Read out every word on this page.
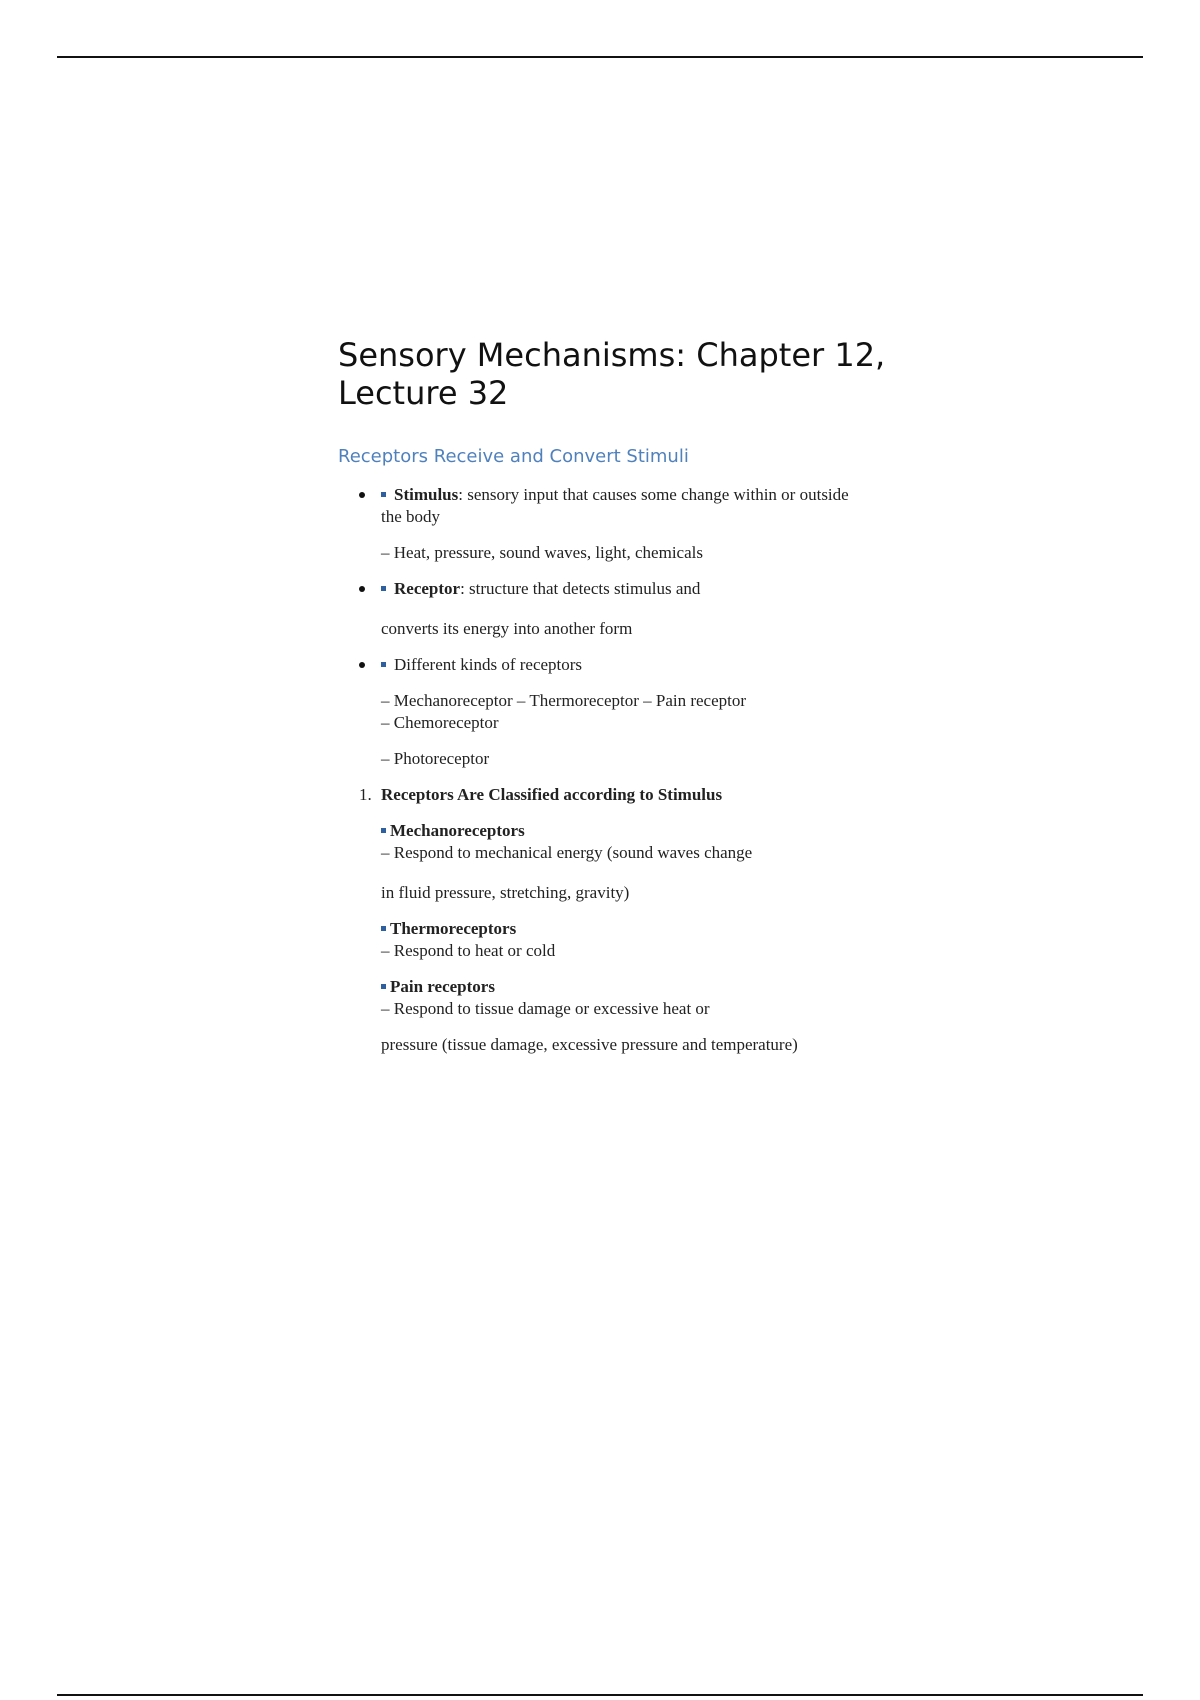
Sensory Mechanisms: Chapter 12, Lecture 32
Receptors Receive and Convert Stimuli
Stimulus: sensory input that causes some change within or outside the body
– Heat, pressure, sound waves, light, chemicals
Receptor: structure that detects stimulus and
converts its energy into another form
Different kinds of receptors
– Mechanoreceptor – Thermoreceptor – Pain receptor
– Chemoreceptor
– Photoreceptor
1. Receptors Are Classified according to Stimulus
Mechanoreceptors
– Respond to mechanical energy (sound waves change
in fluid pressure, stretching, gravity)
Thermoreceptors
– Respond to heat or cold
Pain receptors
– Respond to tissue damage or excessive heat or
pressure (tissue damage, excessive pressure and temperature)
